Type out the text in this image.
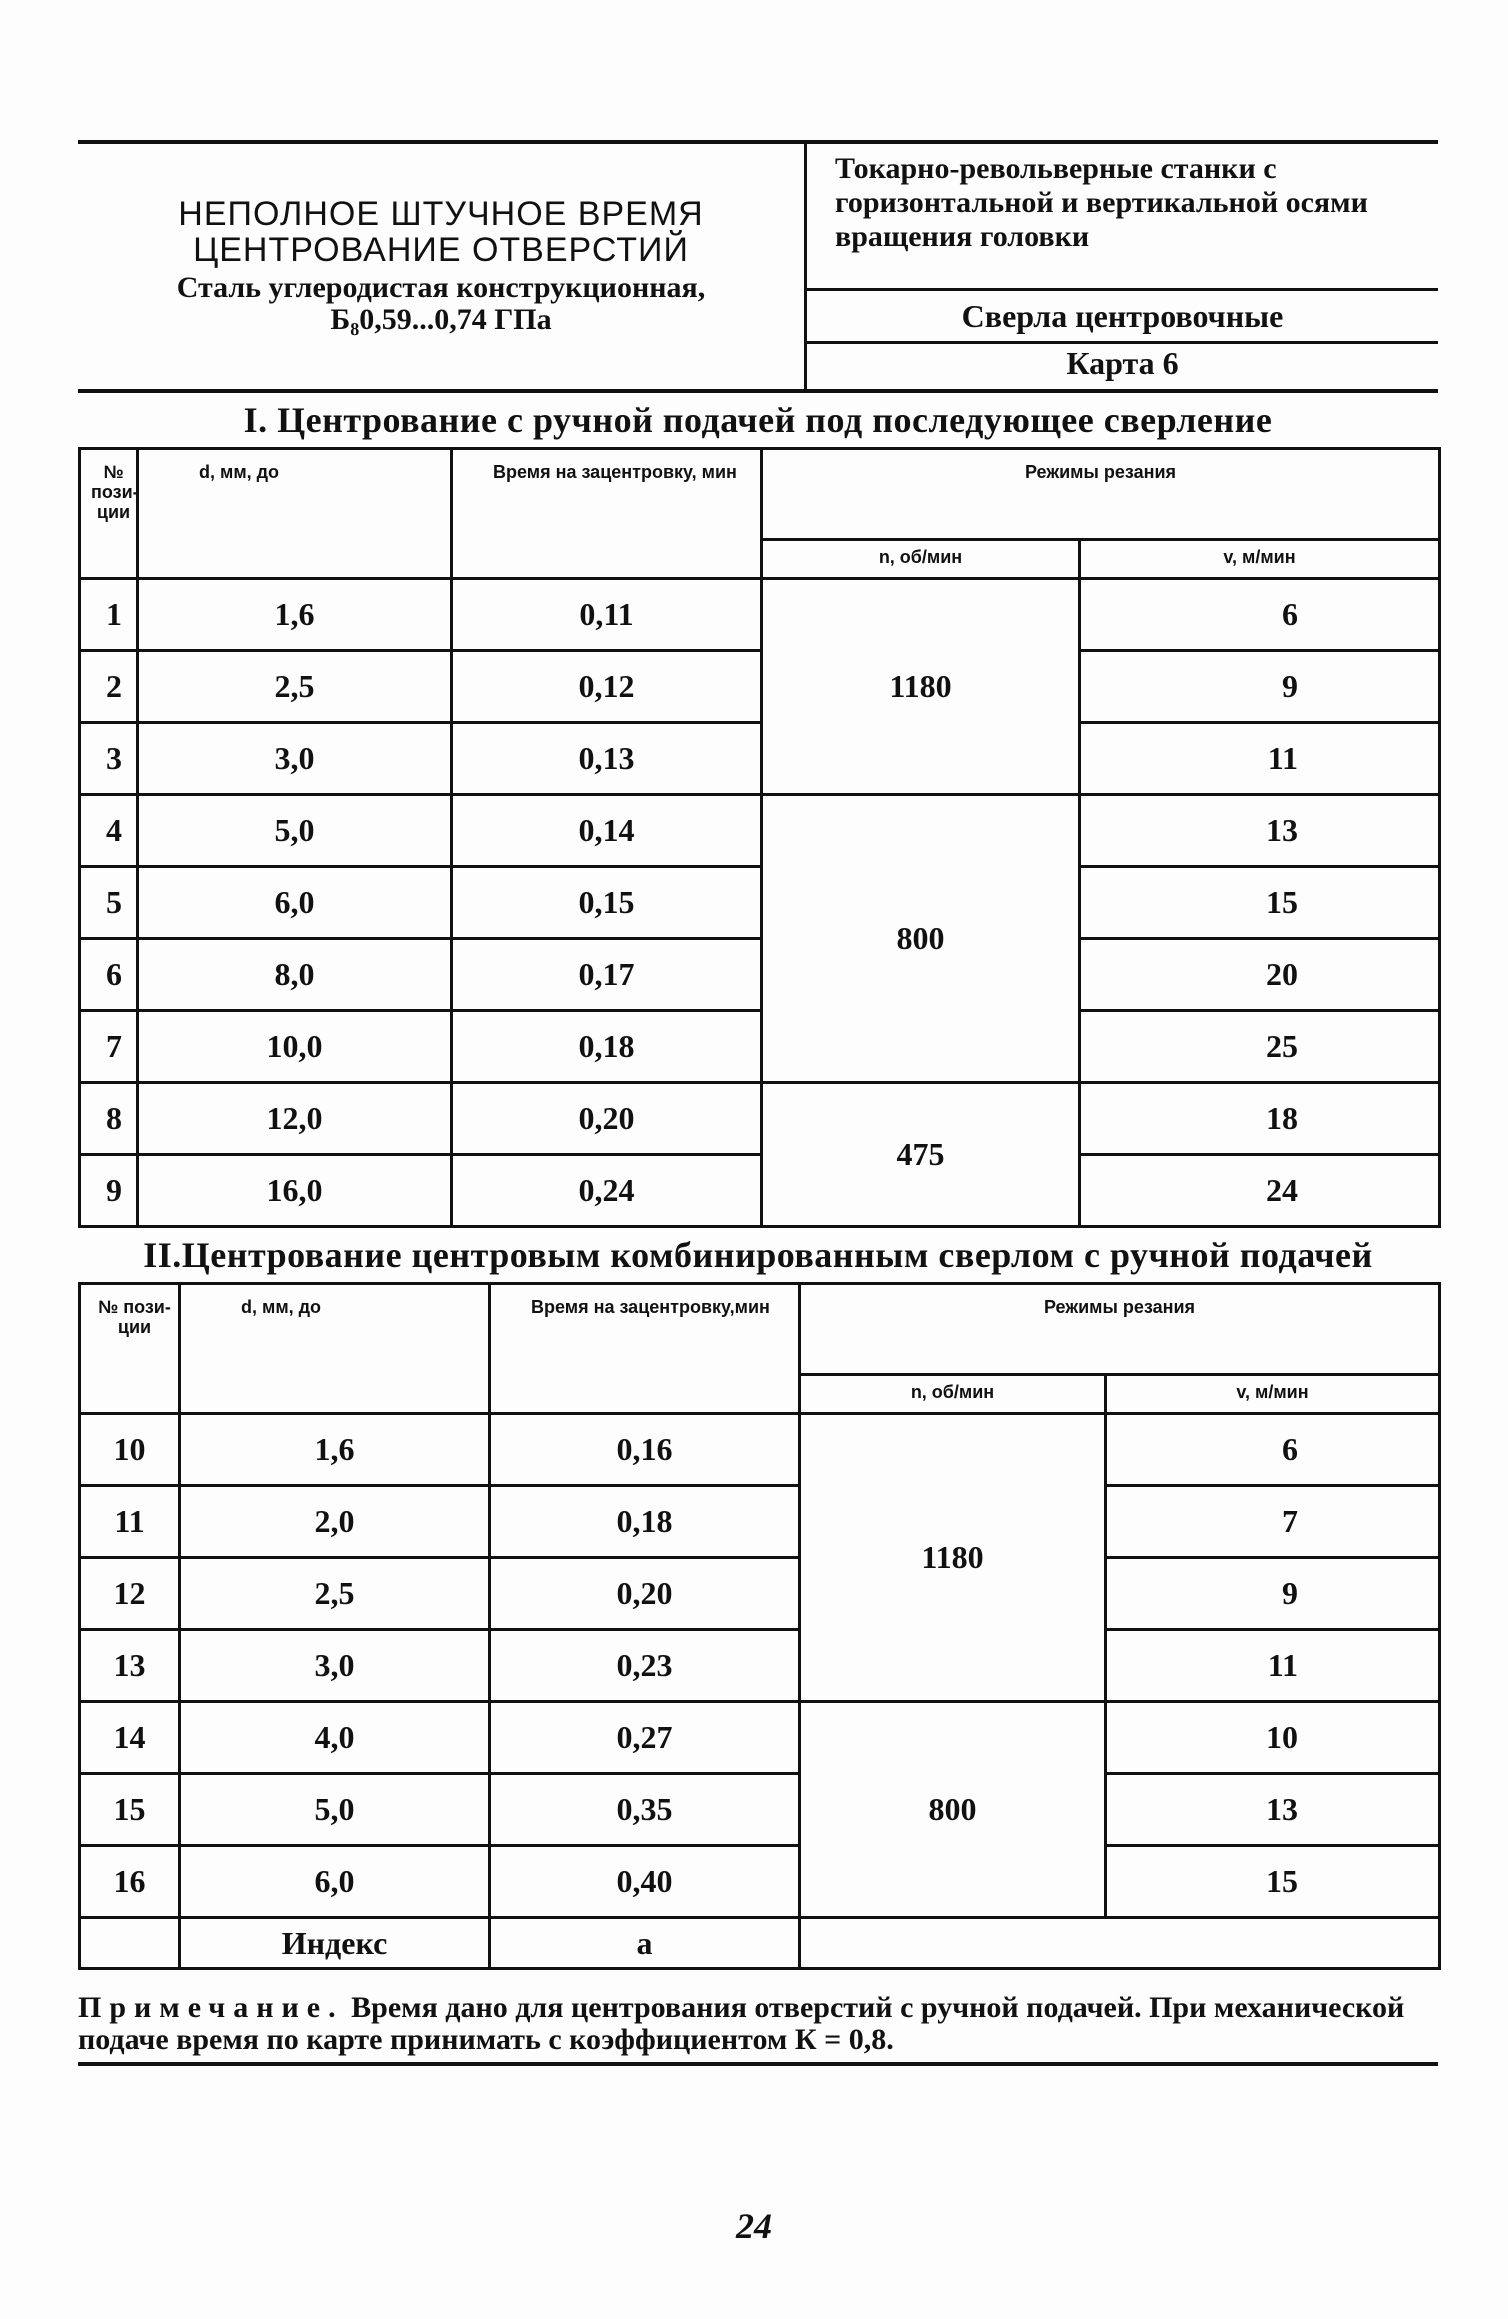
НЕПОЛНОЕ ШТУЧНОЕ ВРЕМЯ
ЦЕНТРОВАНИЕ ОТВЕРСТИЙ
Сталь углеродистая конструкционная,
Б₈0,59...0,74 ГПа
Токарно-револьверные станки с горизонтальной и вертикальной осями вращения головки
Сверла центровочные
Карта 6
I. Центрование с ручной подачей под последующее сверление
№ пози-ции	d, мм, до	Время на зацентровку, мин	Режимы резания	
			n, об/мин	v, м/мин
1	1,6	0,11	1180	6
2	2,5	0,12		9
3	3,0	0,13		11
4	5,0	0,14	800	13
5	6,0	0,15		15
6	8,0	0,17		20
7	10,0	0,18		25
8	12,0	0,20	475	18
9	16,0	0,24		24
II.Центрование центровым комбинированным сверлом с ручной подачей
№ пози-ции	d, мм, до	Время на зацентровку,мин	Режимы резания	
			n, об/мин	v, м/мин
10	1,6	0,16	1180	6
11	2,0	0,18		7
12	2,5	0,20		9
13	3,0	0,23		11
14	4,0	0,27	800	10
15	5,0	0,35		13
16	6,0	0,40		15
	Индекс	а		
Примечание. Время дано для центрования отверстий с ручной подачей. При механической подаче время по карте принимать с коэффициентом К = 0,8.
24
